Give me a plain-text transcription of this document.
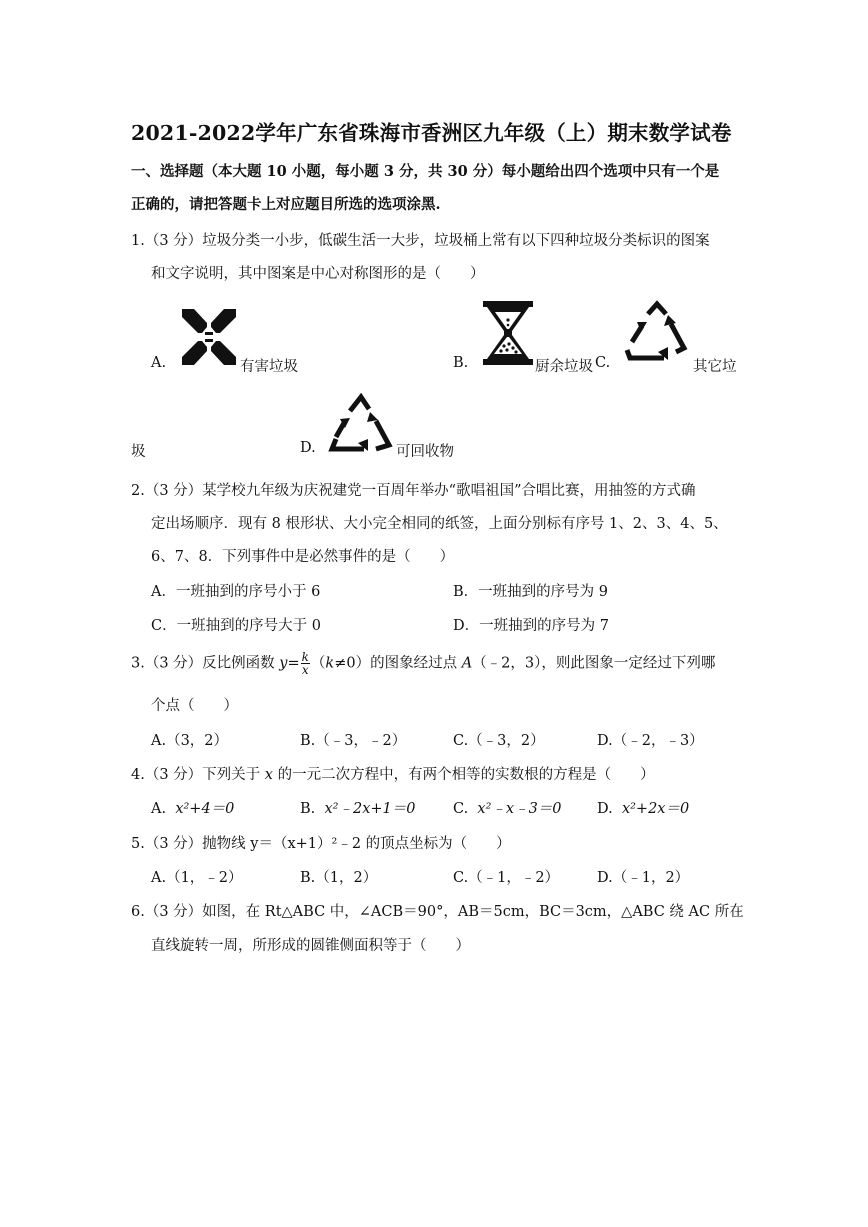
2021-2022学年广东省珠海市香洲区九年级（上）期末数学试卷
一、选择题（本大题 10 小题，每小题 3 分，共 30 分）每小题给出四个选项中只有一个是
正确的，请把答题卡上对应题目所选的选项涂黑.
1.（3 分）垃圾分类一小步，低碳生活一大步，垃圾桶上常有以下四种垃圾分类标识的图案
和文字说明，其中图案是中心对称图形的是（　　）
A.	有害垃圾	B.	厨余垃圾 C.	其它垃
圾	D.	可回收物
2.（3 分）某学校九年级为庆祝建党一百周年举办“歌唱祖国”合唱比赛，用抽签的方式确
定出场顺序．现有 8 根形状、大小完全相同的纸签，上面分别标有序号 1、2、3、4、5、
6、7、8．下列事件中是必然事件的是（　　）
A．一班抽到的序号小于 6	B．一班抽到的序号为 9
C．一班抽到的序号大于 0	D．一班抽到的序号为 7
3.（3 分）反比例函数 $y= \frac{k}{x} (k\ne 0)$的图象经过点 A（﹣2，3），则此图象一定经过下列哪
个点（　　）
A.（3，2）	B.（﹣3，﹣2）	C.（﹣3，2）	D.（﹣2，﹣3）
4.（3 分）下列关于 x 的一元二次方程中，有两个相等的实数根的方程是（　　）
A. x²+4＝0	B. x²﹣2x+1＝0	C. x²﹣x﹣3＝0 D. x²+2x＝0
5.（3 分）抛物线 y＝（x+1）²﹣2 的顶点坐标为（　　）
A.（1，﹣2）	B.（1，2）	C.（﹣1，﹣2）	D.（﹣1，2）
6.（3 分）如图，在 Rt△ABC 中，∠ACB＝90°，AB＝5cm，BC＝3cm，△ABC 绕 AC 所在
直线旋转一周，所形成的圆锥侧面积等于（　　）
